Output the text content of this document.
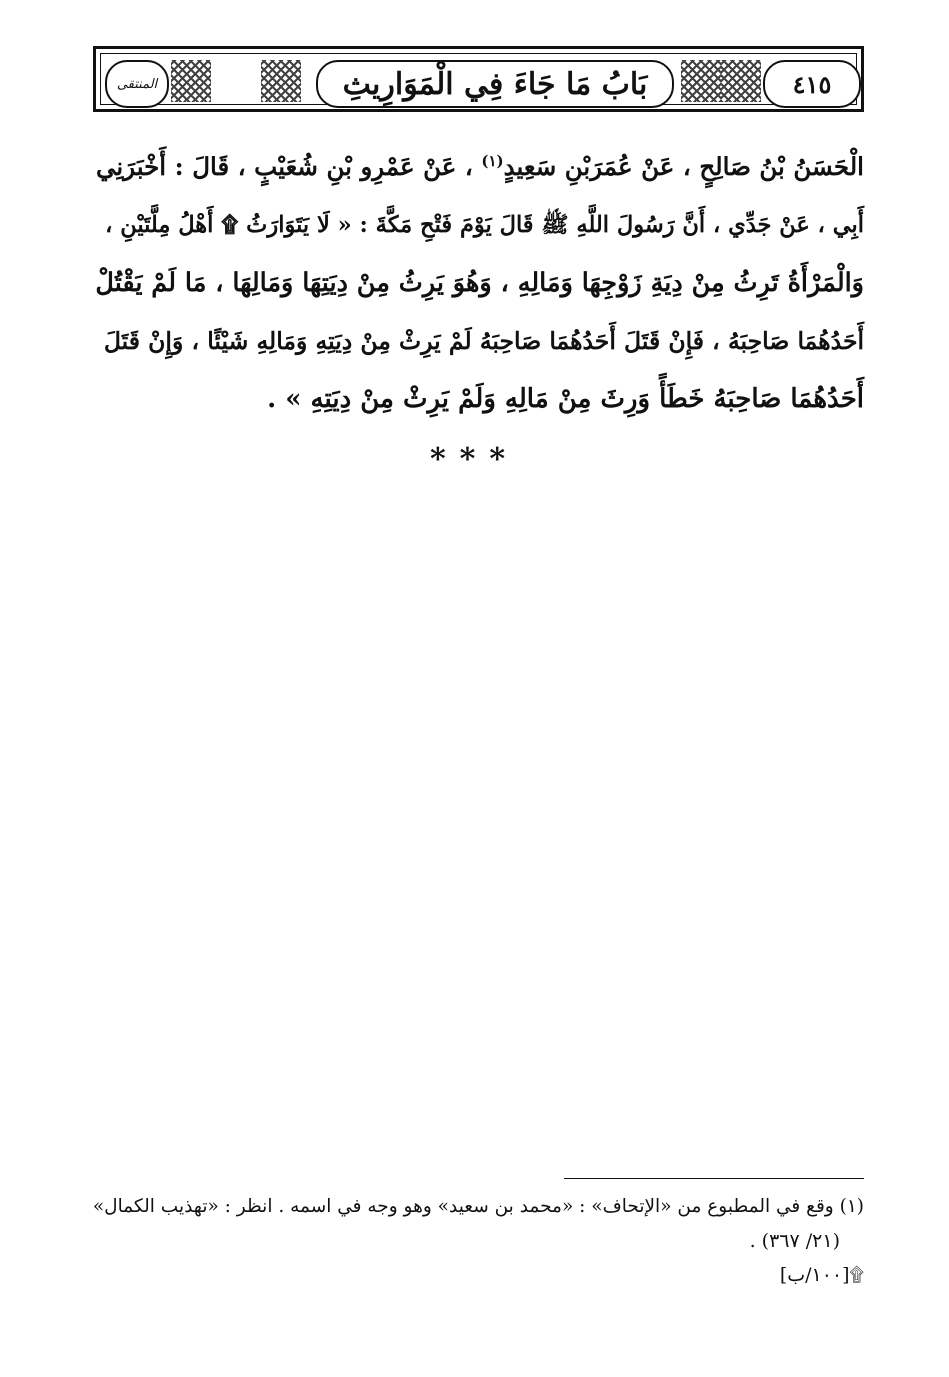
المنتقى	بَابُ مَا جَاءَ فِي الْمَوَارِيثِ	٤١٥
الْحَسَنُ بْنُ صَالِحٍ ، عَنْ عُمَرَبْنِ سَعِيدٍ$^{(١)}$ ، عَنْ عَمْرِو بْنِ شُعَيْبٍ ، قَالَ : أَخْبَرَنِي
أَبِي ، عَنْ جَدِّي ، أَنَّ رَسُولَ اللَّهِ ﷺ قَالَ يَوْمَ فَتْحِ مَكَّةَ : « لَا يَتَوَارَثُ ۩ أَهْلُ مِلَّتَيْنِ ،
وَالْمَرْأَةُ تَرِثُ مِنْ دِيَةِ زَوْجِهَا وَمَالِهِ ، وَهُوَ يَرِثُ مِنْ دِيَتِهَا وَمَالِهَا ، مَا لَمْ يَقْتُلْ
أَحَدُهُمَا صَاحِبَهُ ، فَإِنْ قَتَلَ أَحَدُهُمَا صَاحِبَهُ لَمْ يَرِثْ مِنْ دِيَتِهِ وَمَالِهِ شَيْئًا ، وَإِنْ قَتَلَ
أَحَدُهُمَا صَاحِبَهُ خَطَأً وَرِثَ مِنْ مَالِهِ وَلَمْ يَرِثْ مِنْ دِيَتِهِ » .
***
(١) وقع في المطبوع من «الإتحاف» : «محمد بن سعيد» وهو وجه في اسمه . انظر : «تهذيب الكمال»
(٢١/ ٣٦٧) .
۩[١٠٠/ب]
